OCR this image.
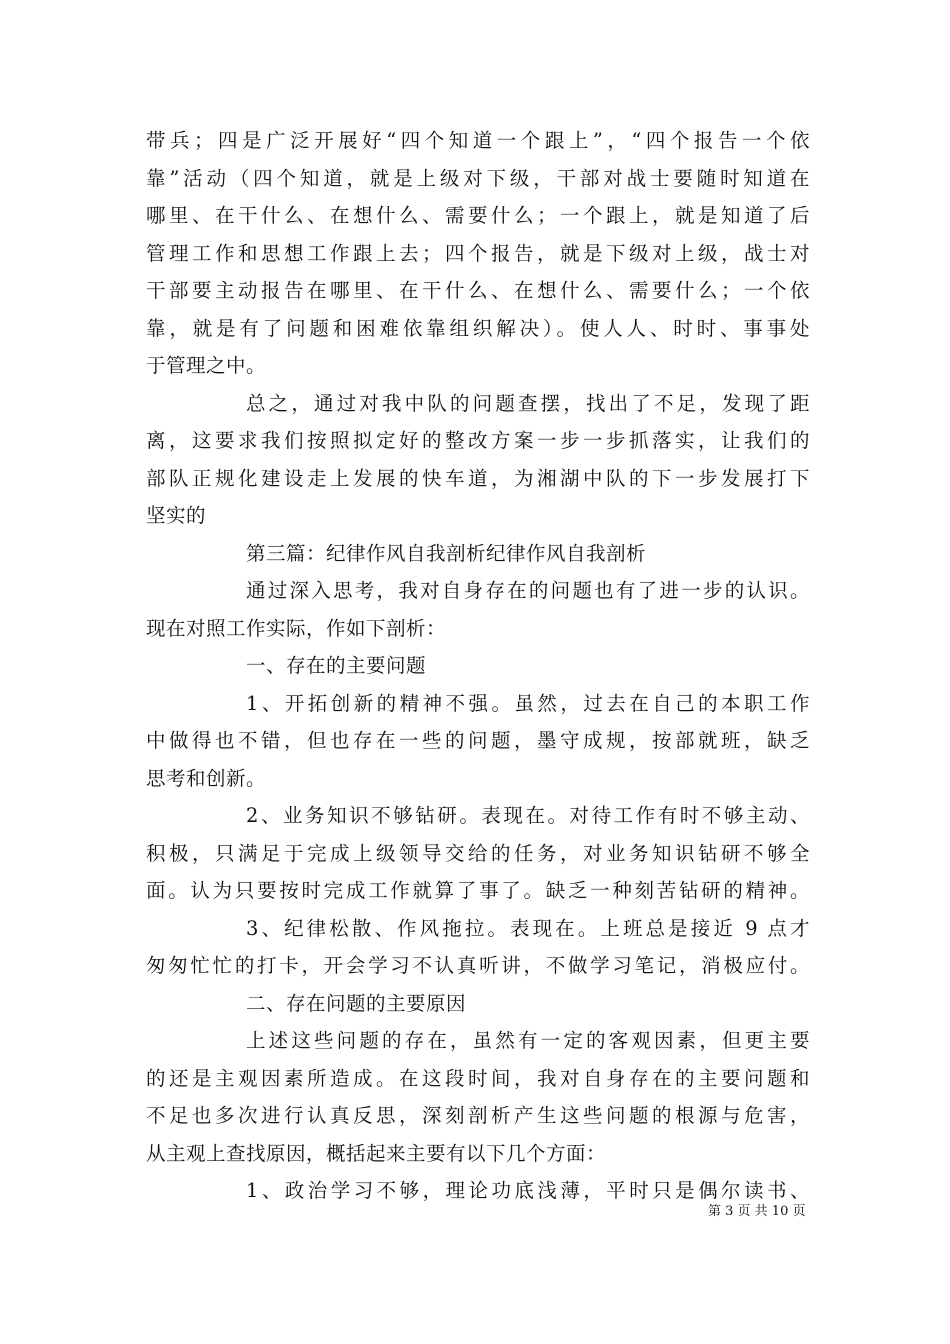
带兵；四是广泛开展好“四个知道一个跟上”，“四个报告一个依
靠”活动（四个知道，就是上级对下级，干部对战士要随时知道在
哪里、在干什么、在想什么、需要什么；一个跟上，就是知道了后
管理工作和思想工作跟上去；四个报告，就是下级对上级，战士对
干部要主动报告在哪里、在干什么、在想什么、需要什么；一个依
靠，就是有了问题和困难依靠组织解决）。使人人、时时、事事处
于管理之中。
总之，通过对我中队的问题查摆，找出了不足，发现了距
离，这要求我们按照拟定好的整改方案一步一步抓落实，让我们的
部队正规化建设走上发展的快车道，为湘湖中队的下一步发展打下
坚实的
第三篇：纪律作风自我剖析纪律作风自我剖析
通过深入思考，我对自身存在的问题也有了进一步的认识。
现在对照工作实际，作如下剖析：
一、存在的主要问题
1、开拓创新的精神不强。虽然，过去在自己的本职工作
中做得也不错，但也存在一些的问题，墨守成规，按部就班，缺乏
思考和创新。
2、业务知识不够钻研。表现在。对待工作有时不够主动、
积极，只满足于完成上级领导交给的任务，对业务知识钻研不够全
面。认为只要按时完成工作就算了事了。缺乏一种刻苦钻研的精神。
3、纪律松散、作风拖拉。表现在。上班总是接近 9 点才
匆匆忙忙的打卡，开会学习不认真听讲，不做学习笔记，消极应付。
二、存在问题的主要原因
上述这些问题的存在，虽然有一定的客观因素，但更主要
的还是主观因素所造成。在这段时间，我对自身存在的主要问题和
不足也多次进行认真反思，深刻剖析产生这些问题的根源与危害，
从主观上查找原因，概括起来主要有以下几个方面：
1、政治学习不够，理论功底浅薄，平时只是偶尔读书、
第 3 页 共 10 页
